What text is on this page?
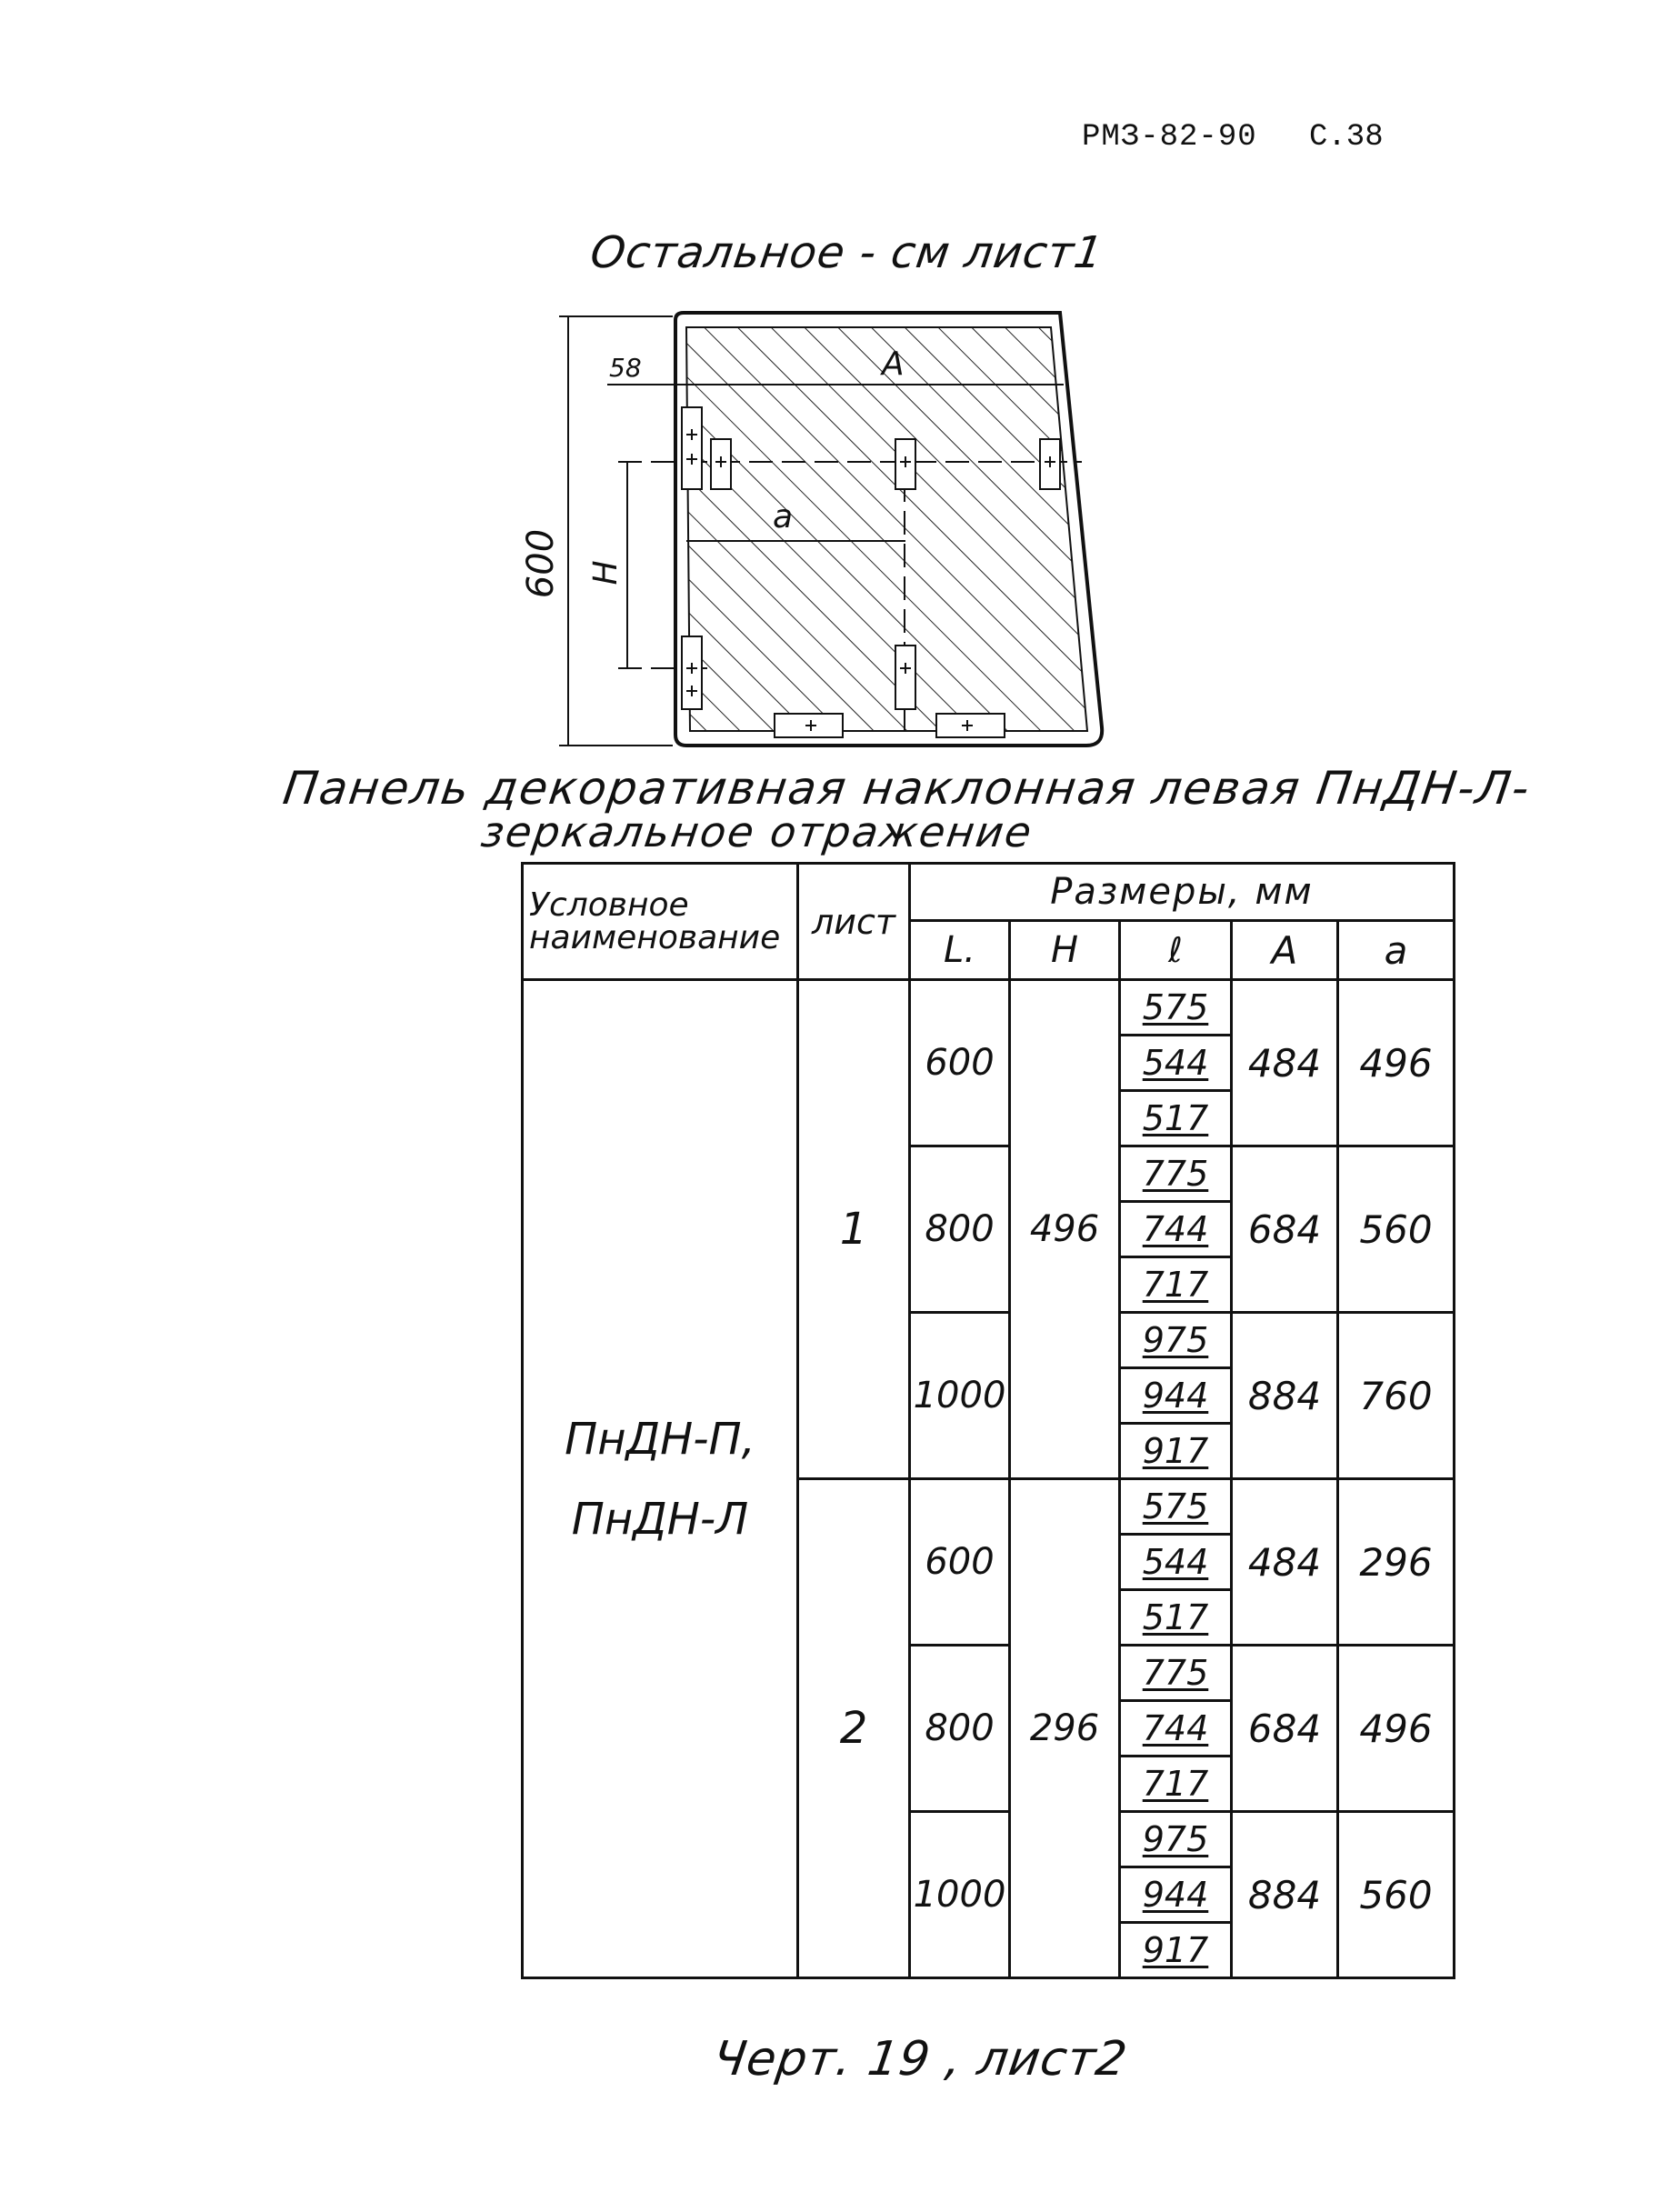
РМЗ-82-90 С.38
Остальное - см лист1
600
58	A
a
H
Панель декоративная наклонная левая ПнДН-Л-
зеркальное отражение
Условное наименование	лист	Размеры, мм				
		L.	H	ℓ	A	a

ПнДН-П,
ПнДН-Л	1	600	496	575	484	496
				544		
				517		
		800		775	684	560
				744		
				717		
		1000		975	884	760
				944		
				917		
	2	600	296	575	484	296
				544		
				517		
		800		775	684	496
				744		
				717		
		1000		975	884	560
				944		
				917		
Черт. 19 , лист2
